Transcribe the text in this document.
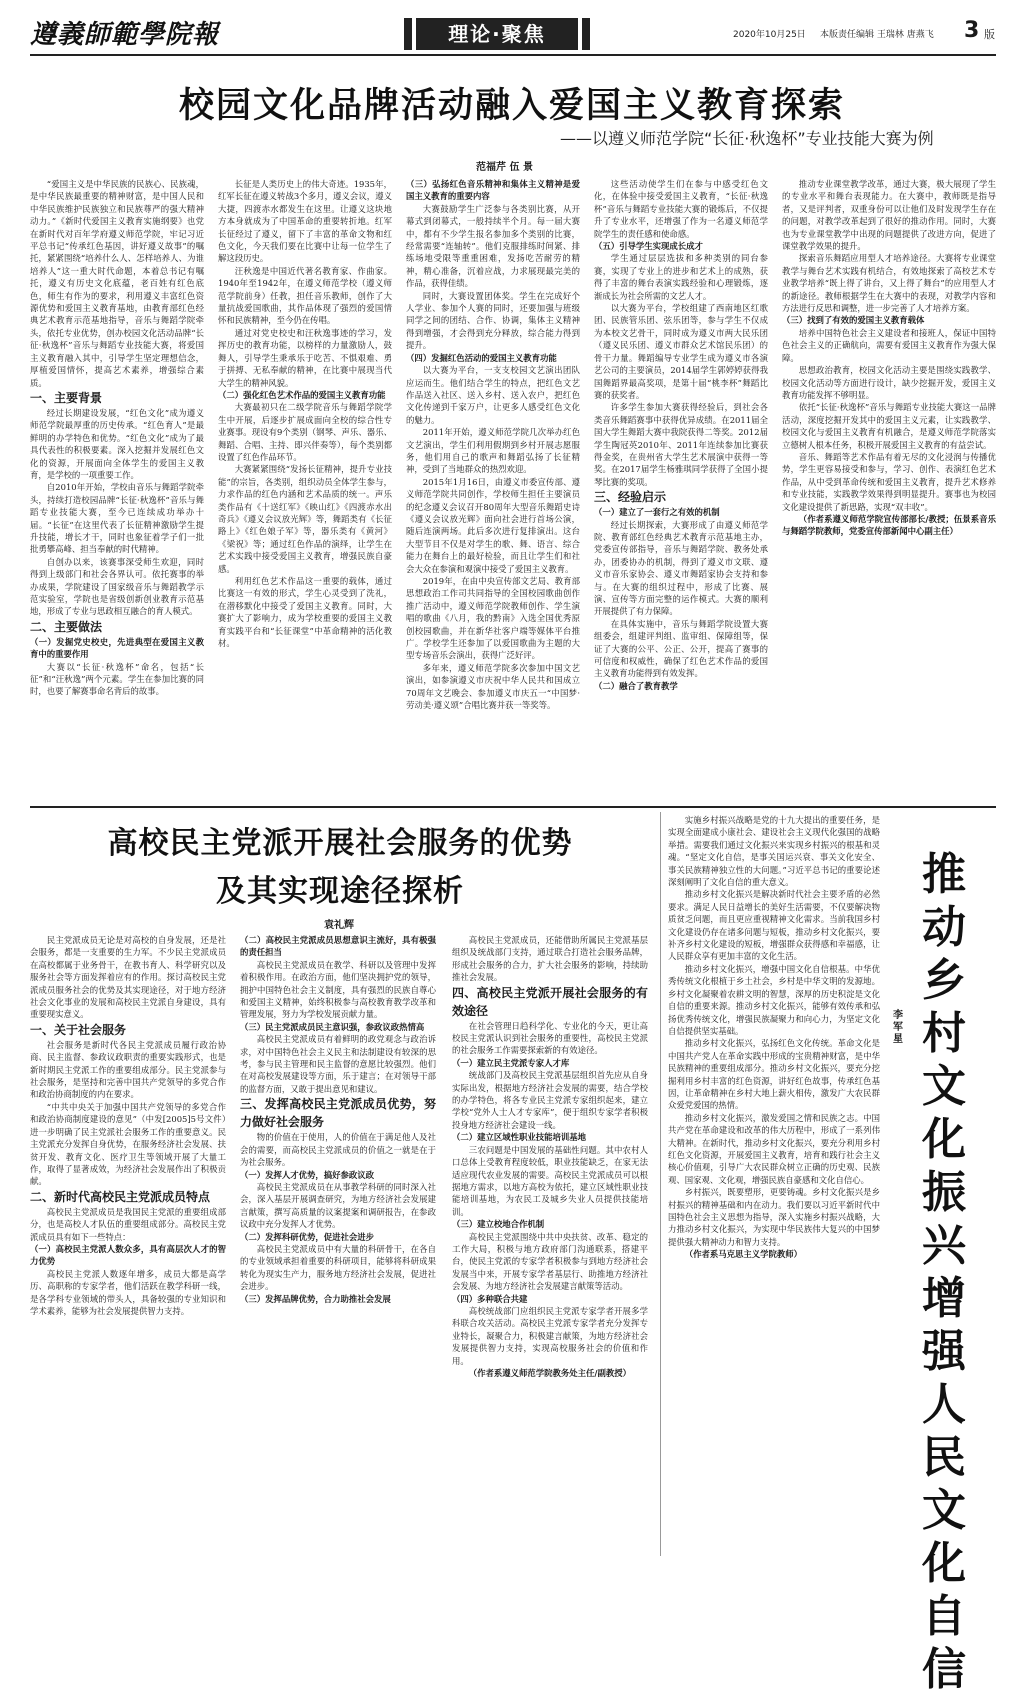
遵義師範學院報	理论·聚焦	2020年10月25日 本版责任编辑 王瑞林 唐燕飞 3 版
校园文化品牌活动融入爱国主义教育探索
——以遵义师范学院“长征·秋逸杯”专业技能大赛为例
范福芹 伍 景

“爱国主义是中华民族的民族心、民族魂，是中华民族最重要的精神财富，是中国人民和中华民族维护民族独立和民族尊严的强大精神动力。”《新时代爱国主义教育实施纲要》也党在新时代对百年学府遵义师范学院，牢记习近平总书记“传承红色基因，讲好遵义故事”的嘱托，紧紧围绕“培养什么人、怎样培养人、为谁培养人”这一重大时代命题，本着总书记有嘱托，遵义有历史文化底蕴，老百姓有红色底色，师生有作为的要求，利用遵义丰富红色资源优势和爱国主义教育基地，由教育部红色经典艺术教育示范基地指导，音乐与舞蹈学院牵头，依托专业优势，创办校园文化活动品牌“长征·秋逸杯”音乐与舞蹈专业技能大赛，将爱国主义教育融入其中，引导学生坚定理想信念，厚植爱国情怀，提高艺术素养，增强综合素质。

一、主要背景

经过长期建设发展，“红色文化”成为遵义师范学院最厚重的历史传承。“红色育人”是最鲜明的办学特色和优势。“红色文化”成为了最具代表性的积极要素。深入挖掘并发展红色文化的资源，开展面向全体学生的爱国主义教育，是学校的一项重要工作。

自2010年开始，学校由音乐与舞蹈学院牵头，持续打造校园品牌“长征·秋逸杯”音乐与舞蹈专业技能大赛，至今已连续成功举办十届。“长征”在这里代表了长征精神激励学生提升技能，增长才干，同时也象征着学子们一批批勇攀高峰、担当奉献的时代精神。

自创办以来，该赛事深受师生欢迎，同时得到上级部门和社会各界认可。依托赛事的举办成果，学院建设了国家级音乐与舞蹈教学示范实验室，学院也是省级创新创业教育示范基地，形成了专业与思政相互融合的育人模式。

二、主要做法

（一）发掘党史校史，先进典型在爱国主义教育中的重要作用

大赛以“长征·秋逸杯”命名，包括“长征”和“汪秋逸”两个元素。学生在参加比赛的同时，也要了解赛事命名背后的故事。

长征是人类历史上的伟大奇迹。1935年，红军长征在遵义转战3个多月，遵义会议，遵义大捷，四渡赤水都发生在这里。让遵义这块地方本身就成为了中国革命的重要转折地。红军长征经过了遵义，留下了丰富的革命文物和红色文化，今天我们要在比赛中让每一位学生了解这段历史。

汪秋逸是中国近代著名教育家、作曲家。1940年至1942年，在遵义师范学校（遵义师范学院前身）任教，担任音乐教师，创作了大量抗战爱国歌曲，其作品体现了强烈的爱国情怀和民族精神，至今仍在传唱。

通过对党史校史和汪秋逸事迹的学习，发挥历史的教育功能，以榜样的力量激励人，鼓舞人，引导学生秉承乐于吃苦、不惧艰难、勇于拼搏、无私奉献的精神，在比赛中展现当代大学生的精神风貌。

（二）强化红色艺术作品的爱国主义教育功能

大赛最初只在二级学院音乐与舞蹈学院学生中开展，后逐步扩展成面向全校的综合性专业赛事。现设有9个类别（钢琴、声乐、器乐、舞蹈、合唱、主持、即兴伴奏等），每个类别都设置了红色作品环节。

大赛紧紧围绕“发扬长征精神，提升专业技能”的宗旨，各类别，组织动员全体学生参与，力求作品的红色内涵和艺术品质的统一。声乐类作品有《十送红军》《映山红》《四渡赤水出奇兵》《遵义会议放光辉》等，舞蹈类有《长征路上》《红色娘子军》等，器乐类有《黄河》《梁祝》等；通过红色作品的演绎，让学生在艺术实践中接受爱国主义教育，增强民族自豪感。

利用红色艺术作品这一重要的载体，通过比赛这一有效的形式，学生心灵受到了洗礼，在潜移默化中接受了爱国主义教育。同时，大赛扩大了影响力，成为学校重要的爱国主义教育实践平台和“长征课堂”中革命精神的活化教材。

（三）弘扬红色音乐精神和集体主义精神是爱国主义教育的重要内容

大赛鼓励学生广泛参与各类别比赛，从开幕式到闭幕式，一般持续半个月。每一届大赛中，都有不少学生报名参加多个类别的比赛，经常需要“连轴转”。他们克服排练时间紧、排练场地受限等重重困难，发扬吃苦耐劳的精神，精心准备，沉着应战，力求展现最完美的作品，获得佳绩。

同时，大赛设置团体奖。学生在完成好个人学业、参加个人赛的同时，还要加强与班级同学之间的团结、合作、协调，集体主义精神得到增强，才会得到充分释放，综合能力得到提升。

（四）发掘红色活动的爱国主义教育功能

以大赛为平台，一支支校园文艺演出团队应运而生。他们结合学生的特点，把红色文艺作品送入社区、送入乡村、送入农户，把红色文化传递到千家万户，让更多人感受红色文化的魅力。

2011年开始，遵义师范学院几次举办红色文艺演出，学生们利用假期到乡村开展志愿服务，他们用自己的歌声和舞蹈弘扬了长征精神，受到了当地群众的热烈欢迎。

2015年1月16日，由遵义市委宣传部、遵义师范学院共同创作，学校师生担任主要演员的纪念遵义会议召开80周年大型音乐舞蹈史诗《遵义会议放光辉》面向社会进行首场公演，随后连演两场。此后多次进行复排演出。这台大型节目不仅是对学生的歌、舞、语言、综合能力在舞台上的最好检验，而且让学生们和社会大众在参演和观演中接受了爱国主义教育。

2019年，在由中央宣传部文艺局、教育部思想政治工作司共同指导的全国校园歌曲创作推广活动中，遵义师范学院教师创作、学生演唱的歌曲《八月，我的黔南》入选全国优秀原创校园歌曲，并在新华社客户端等媒体平台推广。学校学生还参加了以爱国歌曲为主题的大型专场音乐会演出，获得广泛好评。

多年来，遵义师范学院多次参加中国文艺演出，如参演遵义市庆祝中华人民共和国成立70周年文艺晚会、参加遵义市庆五一“中国梦·劳动美·遵义颂”合唱比赛并获一等奖等。

这些活动使学生们在参与中感受红色文化，在体验中接受爱国主义教育，“长征·秋逸杯”音乐与舞蹈专业技能大赛的锻炼后，不仅提升了专业水平，还增强了作为一名遵义师范学院学生的责任感和使命感。

（五）引导学生实现成长成才

学生通过层层选拔和多种类别的同台参赛，实现了专业上的进步和艺术上的成熟，获得了丰富的舞台表演实践经验和心理锻炼，逐渐成长为社会所需的文艺人才。

以大赛为平台，学校组建了西南地区红歌团、民族管乐团、弦乐团等，参与学生不仅成为本校文艺骨干，同时成为遵义市两大民乐团（遵义民乐团、遵义市群众艺术馆民乐团）的骨干力量。舞蹈编导专业学生成为遵义市各演艺公司的主要演员，2014届学生郭婷婷获得我国舞蹈界最高奖项，是第十届“桃李杯”舞蹈比赛的获奖者。

许多学生参加大赛获得经验后，到社会各类音乐舞蹈赛事中获得优异成绩。在2011届全国大学生舞蹈大赛中我院获得二等奖。2012届学生陶冠英2010年、2011年连续参加比赛获得金奖，在贵州省大学生艺术展演中获得一等奖。在2017届学生杨雅琪同学获得了全国小提琴比赛的奖项。

三、经验启示

（一）建立了一套行之有效的机制

经过长期探索，大赛形成了由遵义师范学院、教育部红色经典艺术教育示范基地主办，党委宣传部指导，音乐与舞蹈学院、教务处承办，团委协办的机制，得到了遵义市文联、遵义市音乐家协会、遵义市舞蹈家协会支持和参与。在大赛的组织过程中，形成了比赛、展演、宣传等方面完整的运作模式。大赛的顺利开展提供了有力保障。

在具体实施中，音乐与舞蹈学院设置大赛组委会，组建评判组、监审组、保障组等，保证了大赛的公平、公正、公开，提高了赛事的可信度和权威性，确保了红色艺术作品的爱国主义教育功能得到有效发挥。

（二）融合了教育教学

推动专业课堂教学改革，通过大赛，极大展现了学生的专业水平和舞台表现能力。在大赛中，教师既是指导者，又是评判者，双重身份可以让他们及时发现学生存在的问题，对教学改革起到了很好的推动作用。同时，大赛也为专业课堂教学中出现的问题提供了改进方向，促进了课堂教学效果的提升。

探索音乐舞蹈应用型人才培养途径。大赛将专业课堂教学与舞台艺术实践有机结合，有效地探索了高校艺术专业教学培养“既上得了讲台，又上得了舞台”的应用型人才的新途径。教师根据学生在大赛中的表现，对教学内容和方法进行反思和调整，进一步完善了人才培养方案。

（三）找到了有效的爱国主义教育载体

培养中国特色社会主义建设者和接班人，保证中国特色社会主义的正确航向，需要有爱国主义教育作为强大保障。

思想政治教育，校园文化活动主要是围绕实践教学、校园文化活动等方面进行设计，缺少挖掘开发，爱国主义教育功能发挥不够明显。

依托“长征·秋逸杯”音乐与舞蹈专业技能大赛这一品牌活动，深度挖掘开发其中的爱国主义元素，让实践教学、校园文化与爱国主义教育有机融合，是遵义师范学院落实立德树人根本任务，积极开展爱国主义教育的有益尝试。

音乐、舞蹈等艺术作品有着无尽的文化浸润与传播优势，学生更容易接受和参与，学习、创作、表演红色艺术作品，从中受到革命传统和爱国主义教育，提升艺术修养和专业技能，实践教学效果得到明显提升。赛事也为校园文化建设提供了新思路，实现“双丰收”。

（作者系遵义师范学院宣传部部长/教授；伍景系音乐与舞蹈学院教师，党委宣传部新闻中心副主任）

高校民主党派开展社会服务的优势
及其实现途径探析
袁礼辉

民主党派成员无论是对高校的自身发展，还是社会服务，都是一支重要的生力军。不少民主党派成员在高校都属于业务骨干，在教书育人、科学研究以及服务社会等方面发挥着应有的作用。探讨高校民主党派成员服务社会的优势及其实现途径，对于地方经济社会文化事业的发展和高校民主党派自身建设，具有重要现实意义。

一、关于社会服务

社会服务是新时代各民主党派成员履行政治协商、民主监督、参政议政职责的重要实践形式，也是新时期民主党派工作的重要组成部分。民主党派参与社会服务，是坚持和完善中国共产党领导的多党合作和政治协商制度的内在要求。

“中共中央关于加强中国共产党领导的多党合作和政治协商制度建设的意见”（中发[2005]5号文件）进一步明确了民主党派社会服务工作的重要意义。民主党派充分发挥自身优势，在服务经济社会发展、扶贫开发、教育文化、医疗卫生等领域开展了大量工作，取得了显著成效，为经济社会发展作出了积极贡献。

二、新时代高校民主党派成员特点

高校民主党派成员是我国民主党派的重要组成部分，也是高校人才队伍的重要组成部分。高校民主党派成员具有如下一些特点：

（一）高校民主党派人数众多，具有高层次人才的智力优势

高校民主党派人数逐年增多，成员大都是高学历、高职称的专家学者，他们活跃在教学科研一线，是各学科专业领域的带头人，具备较强的专业知识和学术素养，能够为社会发展提供智力支持。

（二）高校民主党派成员思想意识主流好，具有极强的责任担当

高校民主党派成员在教学、科研以及管理中发挥着积极作用。在政治方面，他们坚决拥护党的领导，拥护中国特色社会主义制度，具有强烈的民族自尊心和爱国主义精神，始终积极参与高校教育教学改革和管理发展，努力为学校发展贡献力量。

（三）民主党派成员民主意识强，参政议政热情高

高校民主党派成员有着鲜明的政党观念与政治诉求，对中国特色社会主义民主和法制建设有较深的思考，参与民主管理和民主监督的意愿比较强烈。他们在对高校发展建设等方面，乐于建言；在对领导干部的监督方面，又敢于提出意见和建议。

三、发挥高校民主党派成员优势，努力做好社会服务

物的价值在于使用，人的价值在于满足他人及社会的需要，而高校民主党派成员的价值之一就是在于为社会服务。

（一）发挥人才优势，搞好参政议政

高校民主党派成员在从事教学科研的同时深入社会，深入基层开展调查研究，为地方经济社会发展建言献策，撰写高质量的议案提案和调研报告，在参政议政中充分发挥人才优势。

（二）发挥科研优势，促进社会进步

高校民主党派成员中有大量的科研骨干，在各自的专业领域承担着重要的科研项目，能够将科研成果转化为现实生产力，服务地方经济社会发展，促进社会进步。

（三）发挥品牌优势，合力助推社会发展

高校民主党派成员，还能借助所属民主党派基层组织及统战部门支持，通过联合打造社会服务品牌，形成社会服务的合力，扩大社会服务的影响，持续助推社会发展。

四、高校民主党派开展社会服务的有效途径

在社会管理日趋科学化、专业化的今天，更让高校民主党派认识到社会服务的重要性，高校民主党派的社会服务工作需要探索新的有效途径。

（一）建立民主党派专家人才库

统战部门及高校民主党派基层组织首先应从自身实际出发，根据地方经济社会发展的需要，结合学校的办学特色，将各专业民主党派专家组织起来，建立学校“党外人士人才专家库”，便于组织专家学者积极投身地方经济社会建设一线。

（二）建立区域性职业技能培训基地

三农问题是中国发展的基础性问题。其中农村人口总体上受教育程度较低，职业技能缺乏，在家无法适应现代农业发展的需要。高校民主党派成员可以根据地方需求，以地方高校为依托，建立区域性职业技能培训基地，为农民工及城乡失业人员提供技能培训。

（三）建立校地合作机制

高校民主党派围绕中共中央扶贫、改革、稳定的工作大局，积极与地方政府部门沟通联系，搭建平台，使民主党派的专家学者积极参与到地方经济社会发展当中来，开展专家学者基层行、助推地方经济社会发展、为地方经济社会发展建言献策等活动。

（四）多种联合共建

高校统战部门应组织民主党派专家学者开展多学科联合攻关活动。高校民主党派专家学者充分发挥专业特长，凝聚合力，积极建言献策，为地方经济社会发展提供智力支持，实现高校服务社会的价值和作用。

（作者系遵义师范学院教务处主任/副教授）

实施乡村振兴战略是党的十九大提出的重要任务，是实现全面建成小康社会、建设社会主义现代化强国的战略举措。需要我们通过文化振兴来实现乡村振兴的根基和灵魂。“坚定文化自信，是事关国运兴衰、事关文化安全、事关民族精神独立性的大问题。”习近平总书记的重要论述深刻阐明了文化自信的重大意义。

推动乡村文化振兴是解决新时代社会主要矛盾的必然要求。满足人民日益增长的美好生活需要，不仅要解决物质贫乏问题，而且更应重视精神文化需求。当前我国乡村文化建设仍存在诸多问题与短板，推动乡村文化振兴，要补齐乡村文化建设的短板，增强群众获得感和幸福感，让人民群众享有更加丰富的文化生活。

推动乡村文化振兴，增强中国文化自信根基。中华优秀传统文化根植于乡土社会，乡村是中华文明的发源地。乡村文化凝聚着农耕文明的智慧，深厚的历史积淀是文化自信的重要来源。推动乡村文化振兴，能够有效传承和弘扬优秀传统文化，增强民族凝聚力和向心力，为坚定文化自信提供坚实基础。

推动乡村文化振兴，弘扬红色文化传统。革命文化是中国共产党人在革命实践中形成的宝贵精神财富，是中华民族精神的重要组成部分。推动乡村文化振兴，要充分挖掘利用乡村丰富的红色资源，讲好红色故事，传承红色基因，让革命精神在乡村大地上薪火相传，激发广大农民群众爱党爱国的热情。

推动乡村文化振兴，激发爱国之情和民族之志。中国共产党在革命建设和改革的伟大历程中，形成了一系列伟大精神。在新时代，推动乡村文化振兴，要充分利用乡村红色文化资源，开展爱国主义教育，培育和践行社会主义核心价值观，引导广大农民群众树立正确的历史观、民族观、国家观、文化观，增强民族自豪感和文化自信心。

乡村振兴，既要塑形，更要铸魂。乡村文化振兴是乡村振兴的精神基础和内在动力。我们要以习近平新时代中国特色社会主义思想为指导，深入实施乡村振兴战略，大力推动乡村文化振兴，为实现中华民族伟大复兴的中国梦提供强大精神动力和智力支持。

（作者系马克思主义学院教师）

推动乡村文化振兴 增强人民文化自信
李军星
